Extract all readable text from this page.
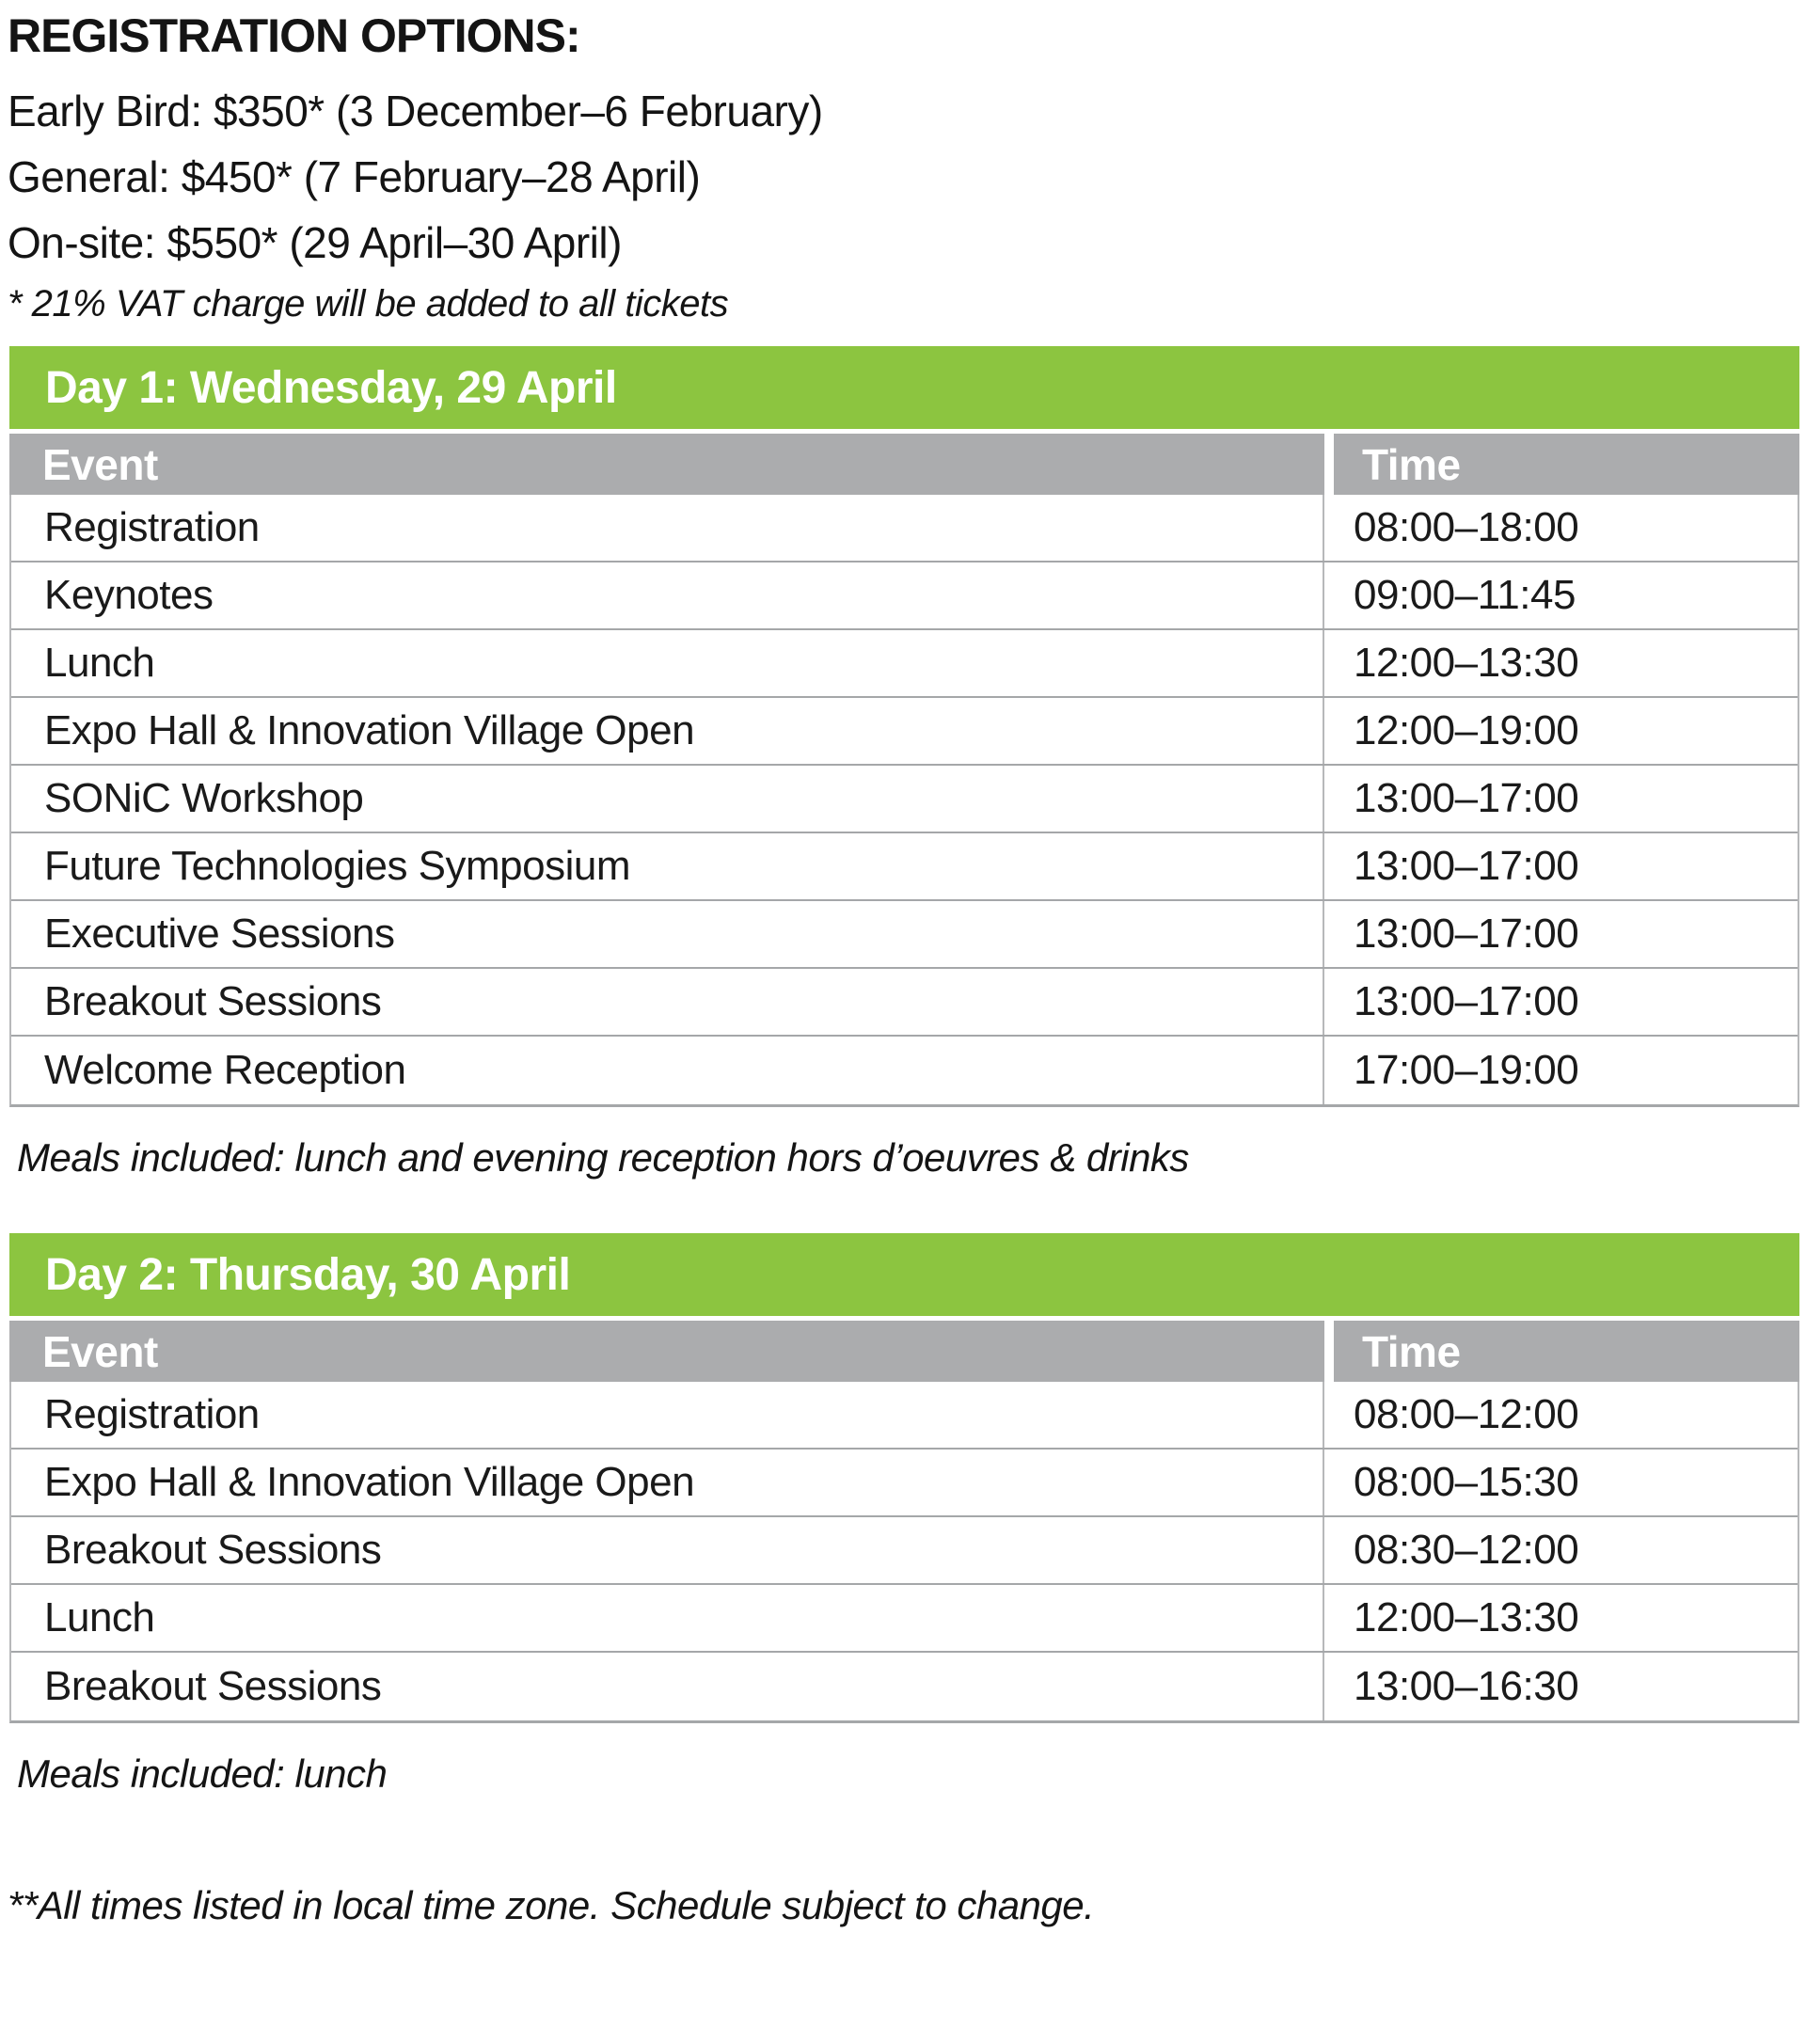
REGISTRATION OPTIONS:

Early Bird: $350* (3 December–6 February)

General: $450* (7 February–28 April)

On-site: $550* (29 April–30 April)

* 21% VAT charge will be added to all tickets

Day 1: Wednesday, 29 April
Event	Time
Registration	08:00–18:00
Keynotes	09:00–11:45
Lunch	12:00–13:30
Expo Hall & Innovation Village Open	12:00–19:00
SONiC Workshop	13:00–17:00
Future Technologies Symposium	13:00–17:00
Executive Sessions	13:00–17:00
Breakout Sessions	13:00–17:00
Welcome Reception	17:00–19:00

Meals included: lunch and evening reception hors d’oeuvres & drinks

Day 2: Thursday, 30 April
Event	Time
Registration	08:00–12:00
Expo Hall & Innovation Village Open	08:00–15:30
Breakout Sessions	08:30–12:00
Lunch	12:00–13:30
Breakout Sessions	13:00–16:30

Meals included: lunch

**All times listed in local time zone. Schedule subject to change.
